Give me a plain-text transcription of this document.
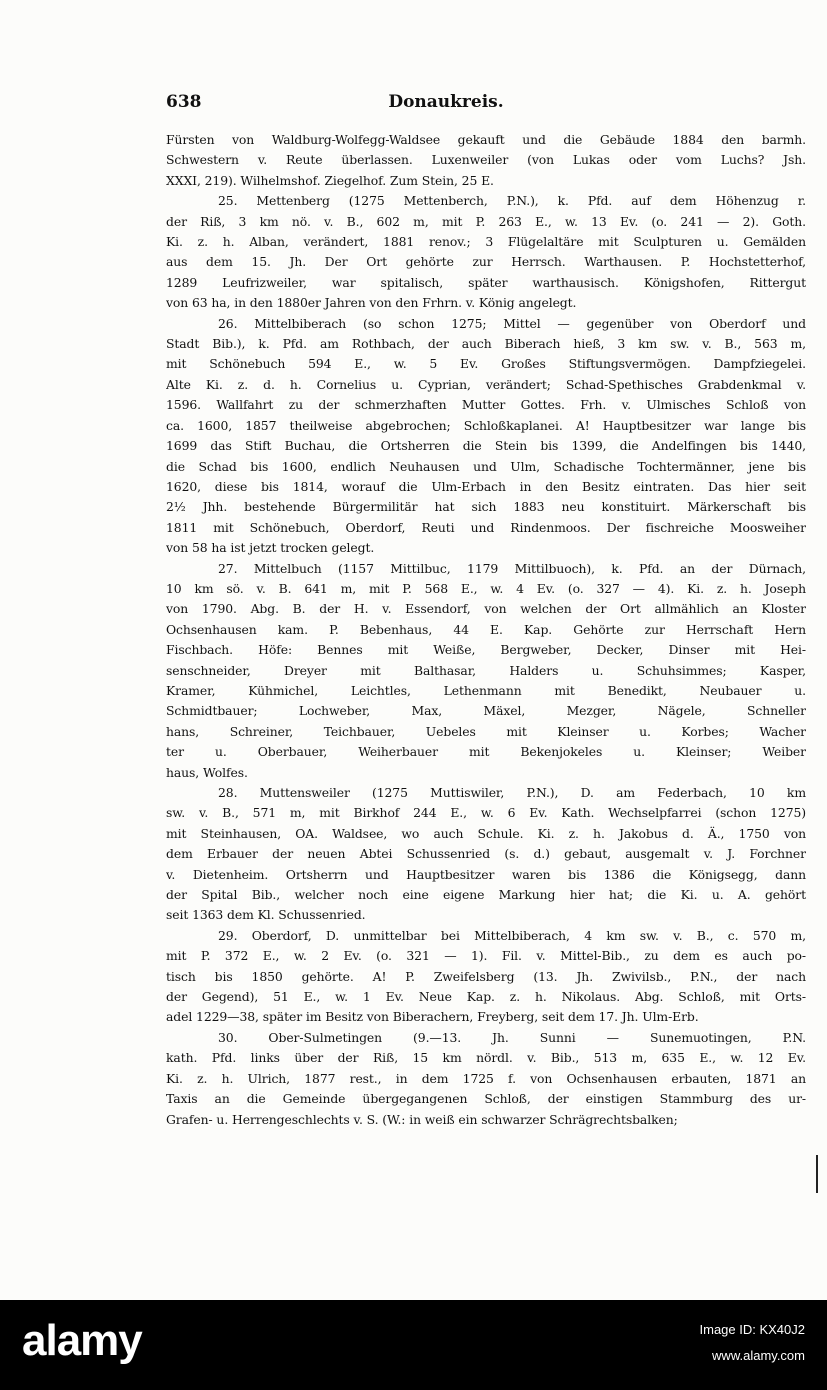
638	Donaukreis.

Fürsten von Waldburg-Wolfegg-Waldsee gekauft und die Gebäude 1884 den barmh.
Schwestern v. Reute überlassen. Luxenweiler (von Lukas oder vom Luchs? Jsh.
XXXI, 219). Wilhelmshof. Ziegelhof. Zum Stein, 25 E.

25. Mettenberg (1275 Mettenberch, P.N.), k. Pfd. auf dem Höhenzug r.
der Riß, 3 km nö. v. B., 602 m, mit P. 263 E., w. 13 Ev. (o. 241 — 2). Goth.
Ki. z. h. Alban, verändert, 1881 renov.; 3 Flügelaltäre mit Sculpturen u. Gemälden
aus dem 15. Jh. Der Ort gehörte zur Herrsch. Warthausen. P. Hochstetterhof,
1289 Leufrizweiler, war spitalisch, später warthausisch. Königshofen, Rittergut
von 63 ha, in den 1880er Jahren von den Frhrn. v. König angelegt.

26. Mittelbiberach (so schon 1275; Mittel — gegenüber von Oberdorf und
Stadt Bib.), k. Pfd. am Rothbach, der auch Biberach hieß, 3 km sw. v. B., 563 m,
mit Schönebuch 594 E., w. 5 Ev. Großes Stiftungsvermögen. Dampfziegelei.
Alte Ki. z. d. h. Cornelius u. Cyprian, verändert; Schad-Spethisches Grabdenkmal v.
1596. Wallfahrt zu der schmerzhaften Mutter Gottes. Frh. v. Ulmisches Schloß von
ca. 1600, 1857 theilweise abgebrochen; Schloßkaplanei. A! Hauptbesitzer war lange bis
1699 das Stift Buchau, die Ortsherren die Stein bis 1399, die Andelfingen bis 1440,
die Schad bis 1600, endlich Neuhausen und Ulm, Schadische Tochtermänner, jene bis
1620, diese bis 1814, worauf die Ulm-Erbach in den Besitz eintraten. Das hier seit
2½ Jhh. bestehende Bürgermilitär hat sich 1883 neu konstituirt. Märkerschaft bis
1811 mit Schönebuch, Oberdorf, Reuti und Rindenmoos. Der fischreiche Moosweiher
von 58 ha ist jetzt trocken gelegt.

27. Mittelbuch (1157 Mittilbuc, 1179 Mittilbuoch), k. Pfd. an der Dürnach,
10 km sö. v. B. 641 m, mit P. 568 E., w. 4 Ev. (o. 327 — 4). Ki. z. h. Joseph
von 1790. Abg. B. der H. v. Essendorf, von welchen der Ort allmählich an Kloster
Ochsenhausen kam. P. Bebenhaus, 44 E. Kap. Gehörte zur Herrschaft Hern
Fischbach. Höfe: Bennes mit Weiße, Bergweber, Decker, Dinser mit Hei-
senschneider, Dreyer mit Balthasar, Halders u. Schuhsimmes; Kasper,
Kramer, Kühmichel, Leichtles, Lethenmann mit Benedikt, Neubauer u.
Schmidtbauer; Lochweber, Max, Mäxel, Mezger, Nägele, Schneller
hans, Schreiner, Teichbauer, Uebeles mit Kleinser u. Korbes; Wacher
ter u. Oberbauer, Weiherbauer mit Bekenjokeles u. Kleinser; Weiber
haus, Wolfes.

28. Muttensweiler (1275 Muttiswiler, P.N.), D. am Federbach, 10 km
sw. v. B., 571 m, mit Birkhof 244 E., w. 6 Ev. Kath. Wechselpfarrei (schon 1275)
mit Steinhausen, OA. Waldsee, wo auch Schule. Ki. z. h. Jakobus d. Ä., 1750 von
dem Erbauer der neuen Abtei Schussenried (s. d.) gebaut, ausgemalt v. J. Forchner
v. Dietenheim. Ortsherrn und Hauptbesitzer waren bis 1386 die Königsegg, dann
der Spital Bib., welcher noch eine eigene Markung hier hat; die Ki. u. A. gehört
seit 1363 dem Kl. Schussenried.

29. Oberdorf, D. unmittelbar bei Mittelbiberach, 4 km sw. v. B., c. 570 m,
mit P. 372 E., w. 2 Ev. (o. 321 — 1). Fil. v. Mittel-Bib., zu dem es auch po-
tisch bis 1850 gehörte. A! P. Zweifelsberg (13. Jh. Zwivilsb., P.N., der nach
der Gegend), 51 E., w. 1 Ev. Neue Kap. z. h. Nikolaus. Abg. Schloß, mit Orts-
adel 1229—38, später im Besitz von Biberachern, Freyberg, seit dem 17. Jh. Ulm-Erb.

30. Ober-Sulmetingen (9.—13. Jh. Sunni — Sunemuotingen, P.N.
kath. Pfd. links über der Riß, 15 km nördl. v. Bib., 513 m, 635 E., w. 12 Ev.
Ki. z. h. Ulrich, 1877 rest., in dem 1725 f. von Ochsenhausen erbauten, 1871 an
Taxis an die Gemeinde übergegangenen Schloß, der einstigen Stammburg des ur-
Grafen- u. Herrengeschlechts v. S. (W.: in weiß ein schwarzer Schrägrechtsbalken;

alamy	Image ID: KX40J2
www.alamy.com
